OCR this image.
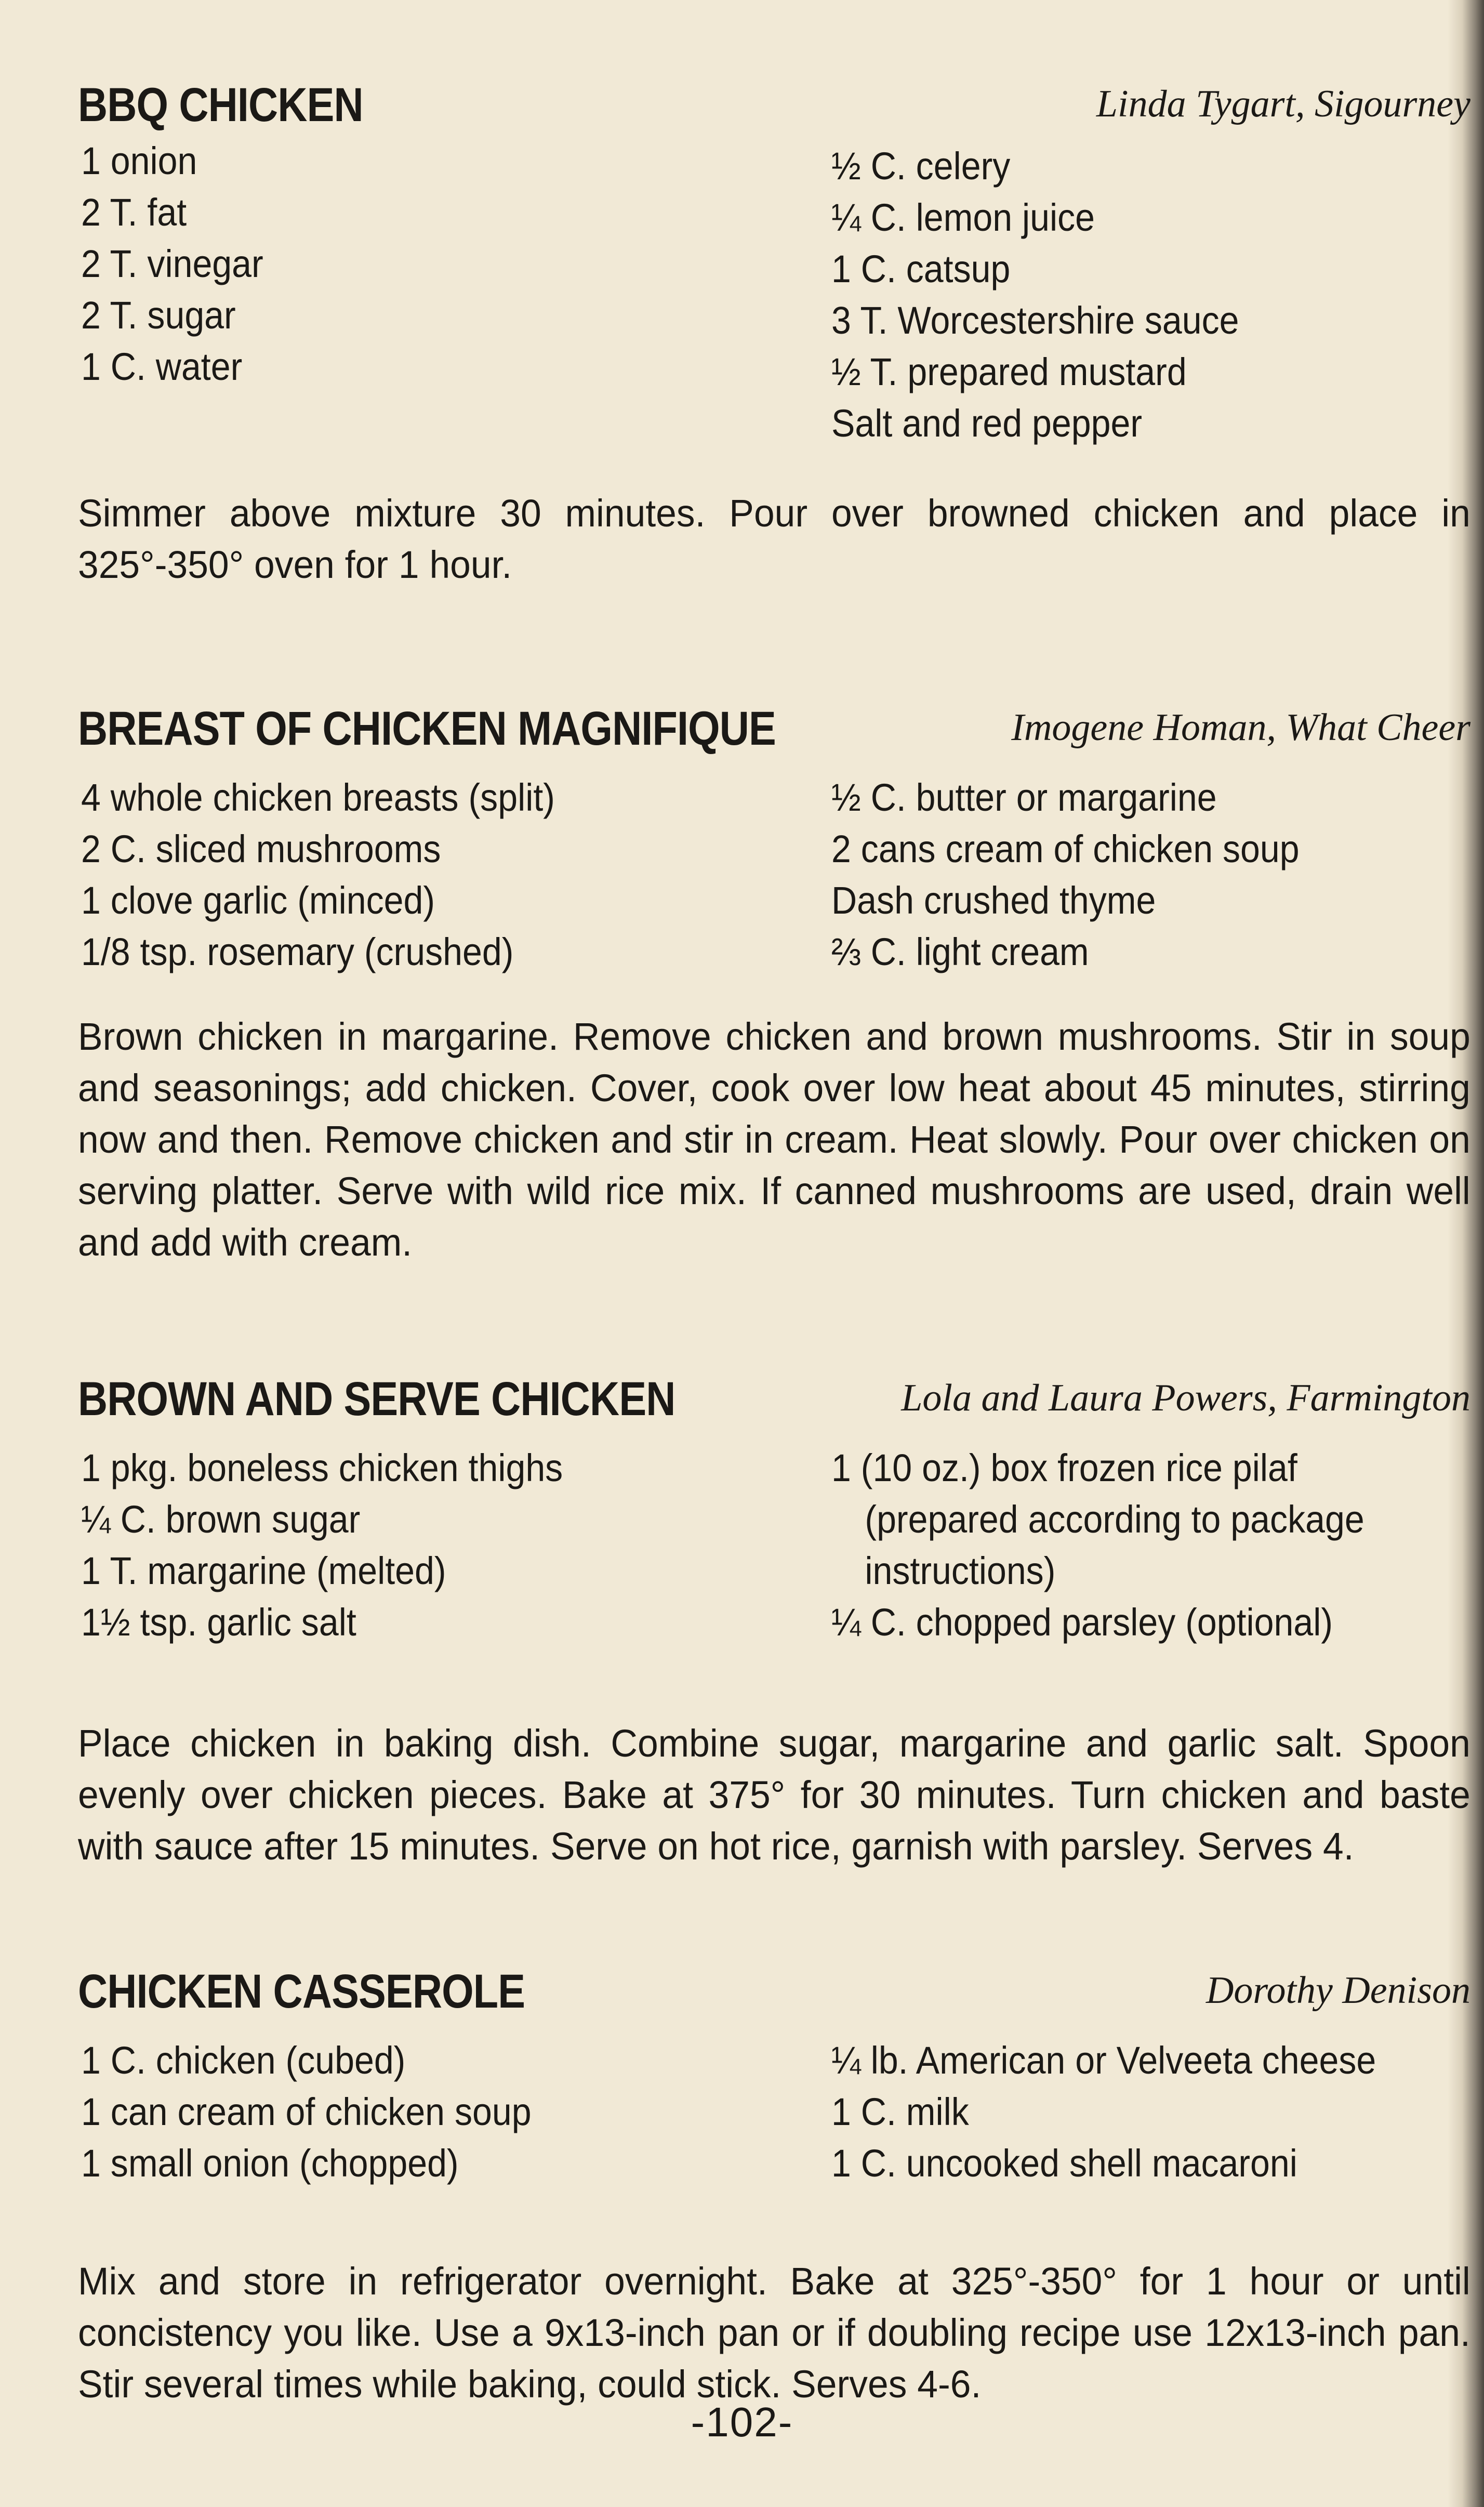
BBQ CHICKEN	Linda Tygart, Sigourney
1 onion
2 T. fat
2 T. vinegar
2 T. sugar
1 C. water
½ C. celery
¼ C. lemon juice
1 C. catsup
3 T. Worcestershire sauce
½ T. prepared mustard
Salt and red pepper

Simmer above mixture 30 minutes. Pour over browned chicken and place in 325°-350° oven for 1 hour.

BREAST OF CHICKEN MAGNIFIQUE	Imogene Homan, What Cheer
4 whole chicken breasts (split)
2 C. sliced mushrooms
1 clove garlic (minced)
1/8 tsp. rosemary (crushed)
½ C. butter or margarine
2 cans cream of chicken soup
Dash crushed thyme
⅔ C. light cream

Brown chicken in margarine. Remove chicken and brown mushrooms. Stir in soup and seasonings; add chicken. Cover, cook over low heat about 45 minutes, stirring now and then. Remove chicken and stir in cream. Heat slowly. Pour over chicken on serving platter. Serve with wild rice mix. If canned mushrooms are used, drain well and add with cream.

BROWN AND SERVE CHICKEN	Lola and Laura Powers, Farmington
1 pkg. boneless chicken thighs
¼ C. brown sugar
1 T. margarine (melted)
1½ tsp. garlic salt
1 (10 oz.) box frozen rice pilaf
(prepared according to package
instructions)
¼ C. chopped parsley (optional)

Place chicken in baking dish. Combine sugar, margarine and garlic salt. Spoon evenly over chicken pieces. Bake at 375° for 30 minutes. Turn chicken and baste with sauce after 15 minutes. Serve on hot rice, garnish with parsley. Serves 4.

CHICKEN CASSEROLE	Dorothy Denison
1 C. chicken (cubed)
1 can cream of chicken soup
1 small onion (chopped)
¼ lb. American or Velveeta cheese
1 C. milk
1 C. uncooked shell macaroni

Mix and store in refrigerator overnight. Bake at 325°-350° for 1 hour or until concistency you like. Use a 9x13-inch pan or if doubling recipe use 12x13-inch pan. Stir several times while baking, could stick. Serves 4-6.

-102-
